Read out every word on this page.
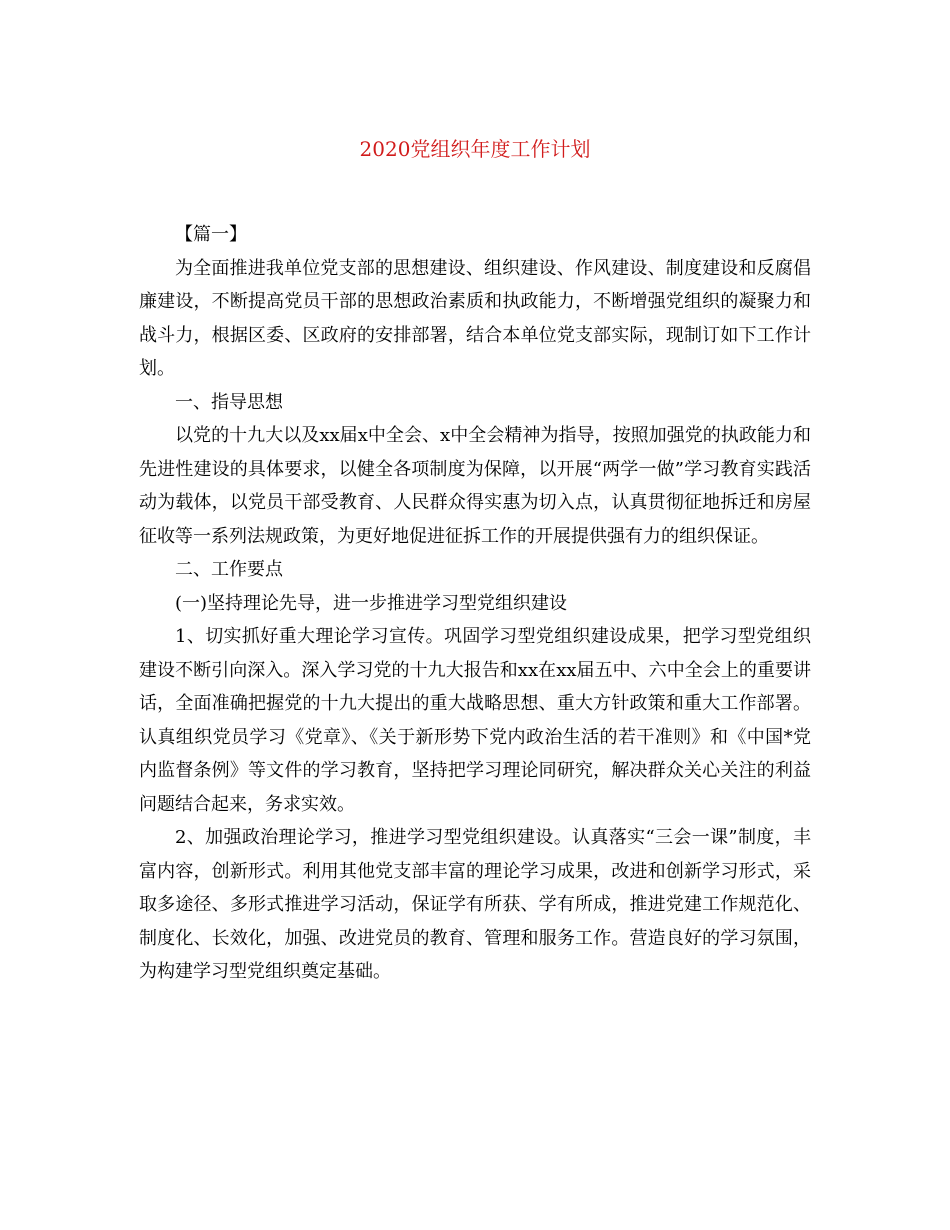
2020党组织年度工作计划

【篇一】

为全面推进我单位党支部的思想建设、组织建设、作风建设、制度建设和反腐倡廉建设，不断提高党员干部的思想政治素质和执政能力，不断增强党组织的凝聚力和战斗力，根据区委、区政府的安排部署，结合本单位党支部实际，现制订如下工作计划。

一、指导思想

以党的十九大以及xx届x中全会、x中全会精神为指导，按照加强党的执政能力和先进性建设的具体要求，以健全各项制度为保障，以开展“两学一做”学习教育实践活动为载体，以党员干部受教育、人民群众得实惠为切入点，认真贯彻征地拆迁和房屋征收等一系列法规政策，为更好地促进征拆工作的开展提供强有力的组织保证。

二、工作要点

(一)坚持理论先导，进一步推进学习型党组织建设

1、切实抓好重大理论学习宣传。巩固学习型党组织建设成果，把学习型党组织建设不断引向深入。深入学习党的十九大报告和xx在xx届五中、六中全会上的重要讲话，全面准确把握党的十九大提出的重大战略思想、重大方针政策和重大工作部署。认真组织党员学习《党章》、《关于新形势下党内政治生活的若干准则》和《中国*党内监督条例》等文件的学习教育，坚持把学习理论同研究，解决群众关心关注的利益问题结合起来，务求实效。

2、加强政治理论学习，推进学习型党组织建设。认真落实“三会一课”制度，丰富内容，创新形式。利用其他党支部丰富的理论学习成果，改进和创新学习形式，采取多途径、多形式推进学习活动，保证学有所获、学有所成，推进党建工作规范化、制度化、长效化，加强、改进党员的教育、管理和服务工作。营造良好的学习氛围，为构建学习型党组织奠定基础。
